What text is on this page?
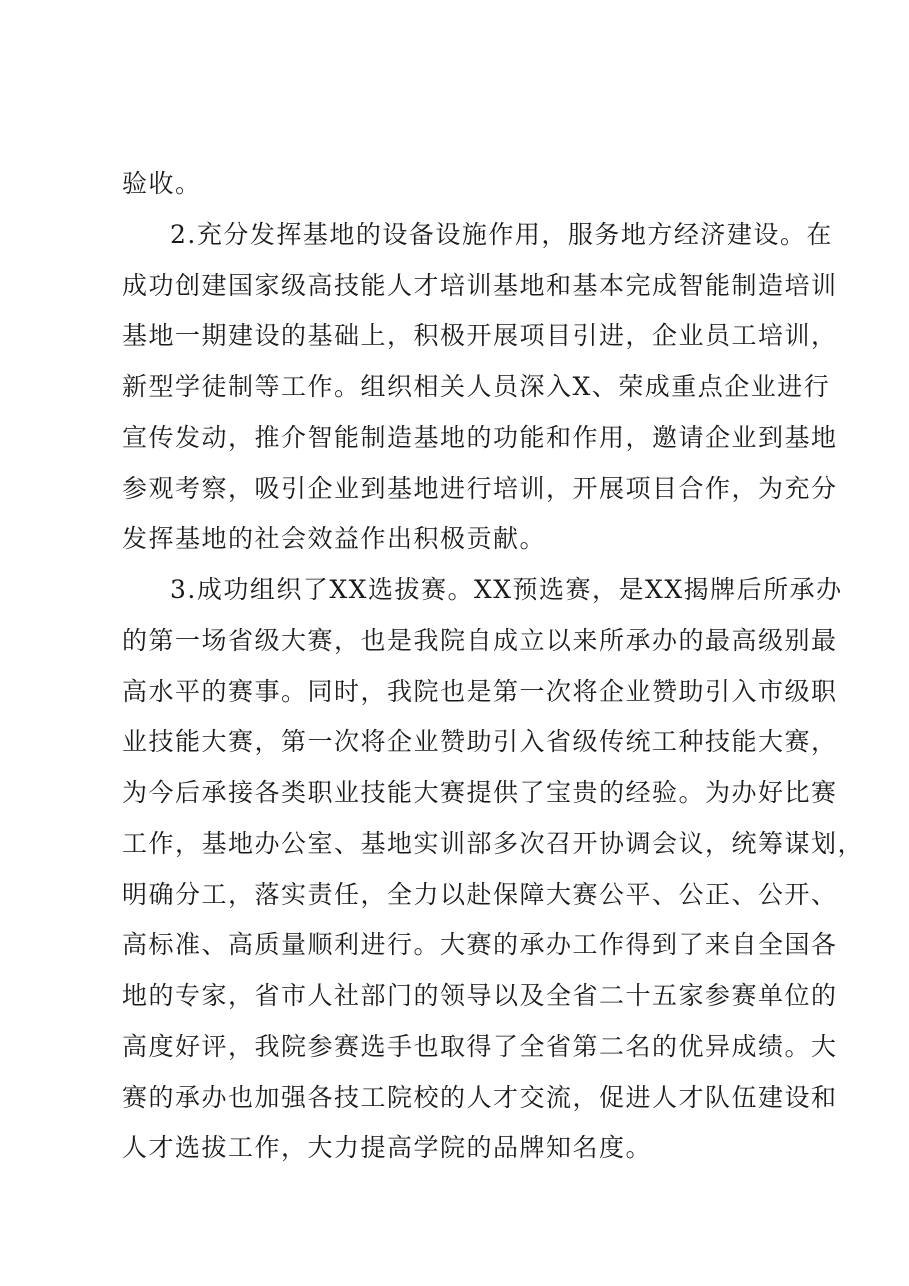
验收。
2.充分发挥基地的设备设施作用，服务地方经济建设。在
成功创建国家级高技能人才培训基地和基本完成智能制造培训
基地一期建设的基础上，积极开展项目引进，企业员工培训，
新型学徒制等工作。组织相关人员深入X、荣成重点企业进行
宣传发动，推介智能制造基地的功能和作用，邀请企业到基地
参观考察，吸引企业到基地进行培训，开展项目合作，为充分
发挥基地的社会效益作出积极贡献。
3.成功组织了XX选拔赛。XX预选赛，是XX揭牌后所承办
的第一场省级大赛，也是我院自成立以来所承办的最高级别最
高水平的赛事。同时，我院也是第一次将企业赞助引入市级职
业技能大赛，第一次将企业赞助引入省级传统工种技能大赛，
为今后承接各类职业技能大赛提供了宝贵的经验。为办好比赛
工作，基地办公室、基地实训部多次召开协调会议，统筹谋划，
明确分工，落实责任，全力以赴保障大赛公平、公正、公开、
高标准、高质量顺利进行。大赛的承办工作得到了来自全国各
地的专家，省市人社部门的领导以及全省二十五家参赛单位的
高度好评，我院参赛选手也取得了全省第二名的优异成绩。大
赛的承办也加强各技工院校的人才交流，促进人才队伍建设和
人才选拔工作，大力提高学院的品牌知名度。
